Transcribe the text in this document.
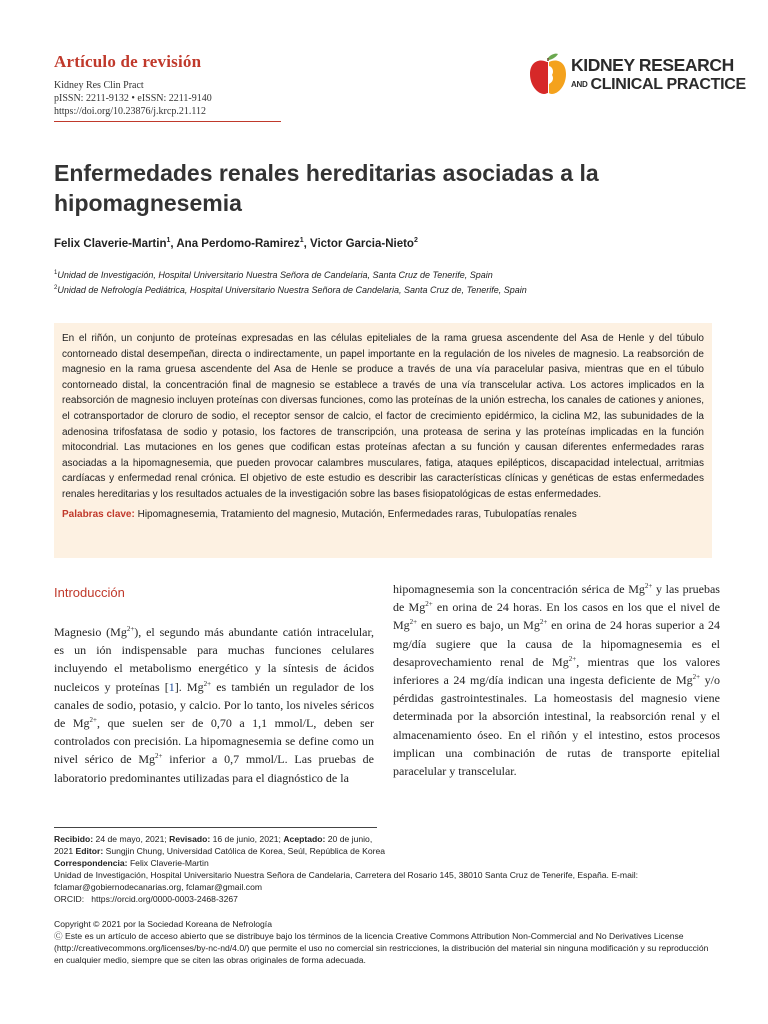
Artículo de revisión
Kidney Res Clin Pract
pISSN: 2211-9132 • eISSN: 2211-9140
https://doi.org/10.23876/j.krcp.21.112
KIDNEY RESEARCH
AND CLINICAL PRACTICE
Enfermedades renales hereditarias asociadas a la hipomagnesemia
Felix Claverie-Martin$^1$, Ana Perdomo-Ramirez$^1$, Victor Garcia-Nieto$^2$
$^1$Unidad de Investigación, Hospital Universitario Nuestra Señora de Candelaria, Santa Cruz de Tenerife, Spain
$^2$Unidad de Nefrología Pediátrica, Hospital Universitario Nuestra Señora de Candelaria, Santa Cruz de, Tenerife, Spain

En el riñón, un conjunto de proteínas expresadas en las células epiteliales de la rama gruesa ascendente del Asa de Henle y del túbulo contorneado distal desempeñan, directa o indirectamente, un papel importante en la regulación de los niveles de magnesio. La reabsorción de magnesio en la rama gruesa ascendente del Asa de Henle se produce a través de una vía paracelular pasiva, mientras que en el túbulo contorneado distal, la concentración final de magnesio se establece a través de una vía transcelular activa. Los actores implicados en la reabsorción de magnesio incluyen proteínas con diversas funciones, como las proteínas de la unión estrecha, los canales de cationes y aniones, el cotransportador de cloruro de sodio, el receptor sensor de calcio, el factor de crecimiento epidérmico, la ciclina M2, las subunidades de la adenosina trifosfatasa de sodio y potasio, los factores de transcripción, una proteasa de serina y las proteínas implicadas en la función mitocondrial. Las mutaciones en los genes que codifican estas proteínas afectan a su función y causan diferentes enfermedades raras asociadas a la hipomagnesemia, que pueden provocar calambres musculares, fatiga, ataques epilépticos, discapacidad intelectual, arritmias cardíacas y enfermedad renal crónica. El objetivo de este estudio es describir las características clínicas y genéticas de estas enfermedades renales hereditarias y los resultados actuales de la investigación sobre las bases fisiopatológicas de estas enfermedades.

Palabras clave: Hipomagnesemia, Tratamiento del magnesio, Mutación, Enfermedades raras, Tubulopatías renales
Introducción

Magnesio $(Mg^{2+})$, el segundo más abundante catión intracelular, es un ión indispensable para muchas funciones celulares incluyendo el metabolismo energético y la síntesis de ácidos nucleicos y proteínas [1]. $Mg^{2+}$ es también un regulador de los canales de sodio, potasio, y calcio. Por lo tanto, los niveles séricos de $Mg^{2+}$, que suelen ser de 0,70 a 1,1 mmol/L, deben ser controlados con precisión. La hipomagnesemia se define como un nivel sérico de $Mg^{2+}$ inferior a 0,7 mmol/L. Las pruebas de laboratorio predominantes utilizadas para el diagnóstico de la

hipomagnesemia son la concentración sérica de $Mg^{2+}$ y las pruebas de $Mg^{2+}$ en orina de 24 horas. En los casos en los que el nivel de $Mg^{2+}$ en suero es bajo, un $Mg^{2+}$ en orina de 24 horas superior a 24 mg/día sugiere que la causa de la hipomagnesemia es el desaprovechamiento renal de $Mg^{2+}$, mientras que los valores inferiores a 24 mg/día indican una ingesta deficiente de $Mg^{2+}$ y/o pérdidas gastrointestinales. La homeostasis del magnesio viene determinada por la absorción intestinal, la reabsorción renal y el almacenamiento óseo. En el riñón y el intestino, estos procesos implican una combinación de rutas de transporte epitelial paracelular y transcelular.

Recibido: 24 de mayo, 2021; Revisado: 16 de junio, 2021; Aceptado: 20 de junio, 2021 Editor: Sungjin Chung, Universidad Católica de Korea, Seúl, República de Korea Correspondencia: Felix Claverie-Martin

Unidad de Investigación, Hospital Universitario Nuestra Señora de Candelaria, Carretera del Rosario 145, 38010 Santa Cruz de Tenerife, España. E-mail: fclamar@gobiernodecanarias.org, fclamar@gmail.com

ORCID: https://orcid.org/0000-0003-2468-3267

Copyright © 2021 por la Sociedad Koreana de Nefrología

Ⓒ Este es un artículo de acceso abierto que se distribuye bajo los términos de la licencia Creative Commons Attribution Non-Commercial and No Derivatives License (http://creativecommons.org/licenses/by-nc-nd/4.0/) que permite el uso no comercial sin restricciones, la distribución del material sin ninguna modificación y su reproducción en cualquier medio, siempre que se citen las obras originales de forma adecuada.
